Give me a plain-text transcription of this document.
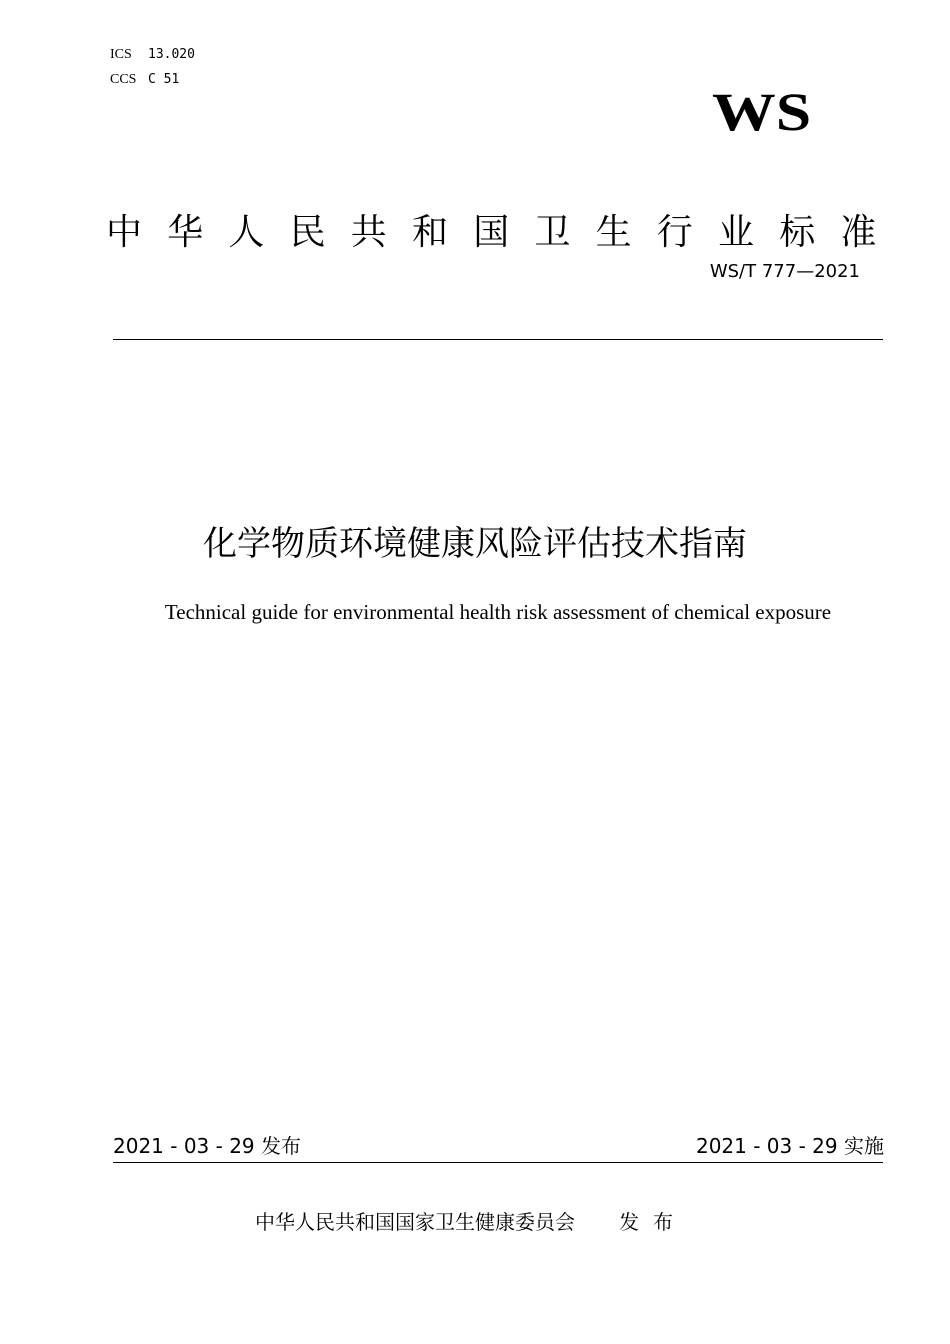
ICS 13.020
CCS C 51
WS
中华人民共和国卫生行业标准
WS/T 777—2021
化学物质环境健康风险评估技术指南
Technical guide for environmental health risk assessment of chemical exposure
2021 - 03 - 29 发布	2021 - 03 - 29 实施
中华人民共和国国家卫生健康委员会 发布
